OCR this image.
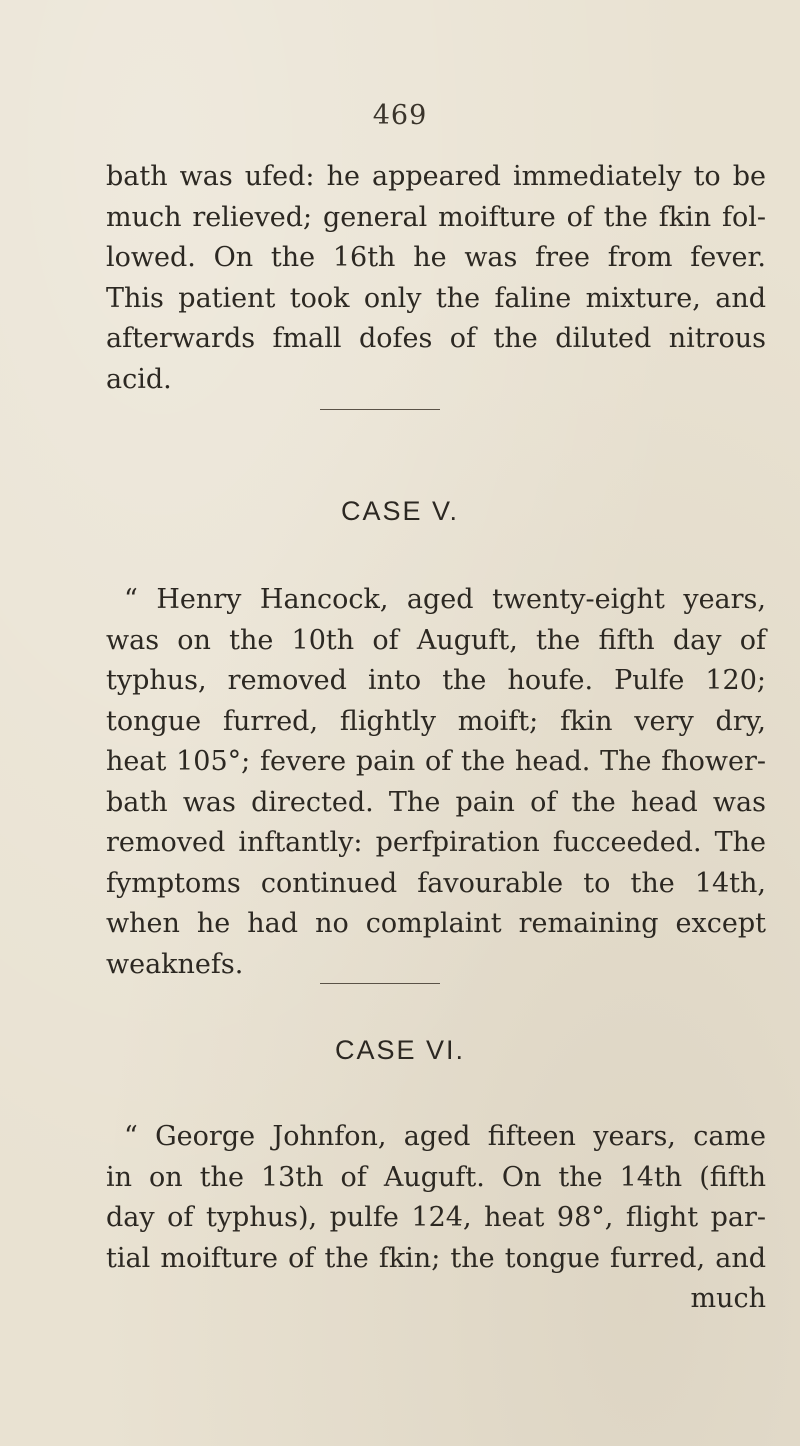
469
bath was ufed: he appeared immediately to be
much relieved; general moifture of the fkin fol-
lowed. On the 16th he was free from fever.
This patient took only the faline mixture, and
afterwards fmall dofes of the diluted nitrous
acid.
CASE V.
“ Henry Hancock, aged twenty-eight years,
was on the 10th of Auguft, the fifth day of
typhus, removed into the houfe. Pulfe 120;
tongue furred, flightly moift; fkin very dry,
heat 105°; fevere pain of the head. The fhower-
bath was directed. The pain of the head was
removed inftantly: perfpiration fucceeded. The
fymptoms continued favourable to the 14th,
when he had no complaint remaining except
weaknefs.
CASE VI.
“ George Johnfon, aged fifteen years, came
in on the 13th of Auguft. On the 14th (fifth
day of typhus), pulfe 124, heat 98°, flight par-
tial moifture of the fkin; the tongue furred, and
much
